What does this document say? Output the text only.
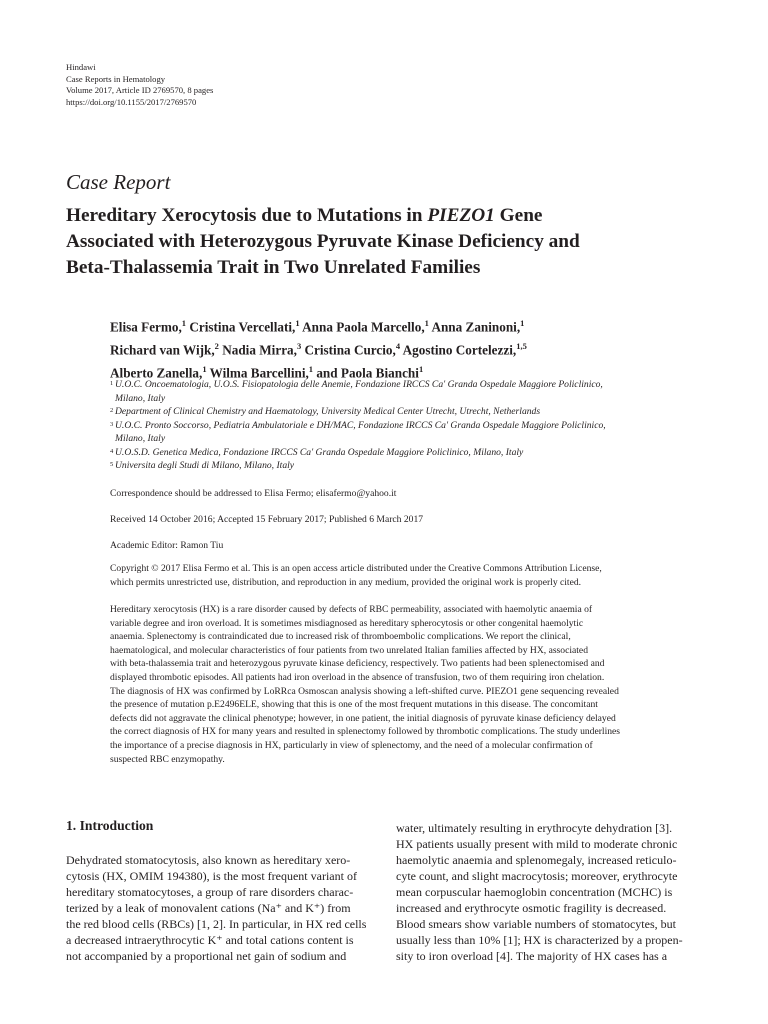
Hindawi
Case Reports in Hematology
Volume 2017, Article ID 2769570, 8 pages
https://doi.org/10.1155/2017/2769570
Case Report
Hereditary Xerocytosis due to Mutations in PIEZO1 Gene
Associated with Heterozygous Pyruvate Kinase Deficiency and
Beta-Thalassemia Trait in Two Unrelated Families
Elisa Fermo,$^1$ Cristina Vercellati,$^1$ Anna Paola Marcello,$^1$ Anna Zaninoni,$^1$
Richard van Wijk,$^2$ Nadia Mirra,$^3$ Cristina Curcio,$^4$ Agostino Cortelezzi,$^{1,5}$
Alberto Zanella,$^1$ Wilma Barcellini,$^1$ and Paola Bianchi$^1$
1 U.O.C. Oncoematologia, U.O.S. Fisiopatologia delle Anemie, Fondazione IRCCS Ca' Granda Ospedale Maggiore Policlinico,
Milano, Italy
2 Department of Clinical Chemistry and Haematology, University Medical Center Utrecht, Utrecht, Netherlands
3 U.O.C. Pronto Soccorso, Pediatria Ambulatoriale e DH/MAC, Fondazione IRCCS Ca' Granda Ospedale Maggiore Policlinico,
Milano, Italy
4 U.O.S.D. Genetica Medica, Fondazione IRCCS Ca' Granda Ospedale Maggiore Policlinico, Milano, Italy
5 Universita degli Studi di Milano, Milano, Italy
Correspondence should be addressed to Elisa Fermo; elisafermo@yahoo.it
Received 14 October 2016; Accepted 15 February 2017; Published 6 March 2017
Academic Editor: Ramon Tiu
Copyright © 2017 Elisa Fermo et al. This is an open access article distributed under the Creative Commons Attribution License,
which permits unrestricted use, distribution, and reproduction in any medium, provided the original work is properly cited.
Hereditary xerocytosis (HX) is a rare disorder caused by defects of RBC permeability, associated with haemolytic anaemia of
variable degree and iron overload. It is sometimes misdiagnosed as hereditary spherocytosis or other congenital haemolytic
anaemia. Splenectomy is contraindicated due to increased risk of thromboembolic complications. We report the clinical,
haematological, and molecular characteristics of four patients from two unrelated Italian families affected by HX, associated
with beta-thalassemia trait and heterozygous pyruvate kinase deficiency, respectively. Two patients had been splenectomised and
displayed thrombotic episodes. All patients had iron overload in the absence of transfusion, two of them requiring iron chelation.
The diagnosis of HX was confirmed by LoRRca Osmoscan analysis showing a left-shifted curve. PIEZO1 gene sequencing revealed
the presence of mutation p.E2496ELE, showing that this is one of the most frequent mutations in this disease. The concomitant
defects did not aggravate the clinical phenotype; however, in one patient, the initial diagnosis of pyruvate kinase deficiency delayed
the correct diagnosis of HX for many years and resulted in splenectomy followed by thrombotic complications. The study underlines
the importance of a precise diagnosis in HX, particularly in view of splenectomy, and the need of a molecular confirmation of
suspected RBC enzymopathy.
1. Introduction
Dehydrated stomatocytosis, also known as hereditary xero-
cytosis (HX, OMIM 194380), is the most frequent variant of
hereditary stomatocytoses, a group of rare disorders charac-
terized by a leak of monovalent cations (Na⁺ and K⁺) from
the red blood cells (RBCs) [1, 2]. In particular, in HX red cells
a decreased intraerythrocytic K⁺ and total cations content is
not accompanied by a proportional net gain of sodium and
water, ultimately resulting in erythrocyte dehydration [3].
HX patients usually present with mild to moderate chronic
haemolytic anaemia and splenomegaly, increased reticulo-
cyte count, and slight macrocytosis; moreover, erythrocyte
mean corpuscular haemoglobin concentration (MCHC) is
increased and erythrocyte osmotic fragility is decreased.
Blood smears show variable numbers of stomatocytes, but
usually less than 10% [1]; HX is characterized by a propen-
sity to iron overload [4]. The majority of HX cases has a
